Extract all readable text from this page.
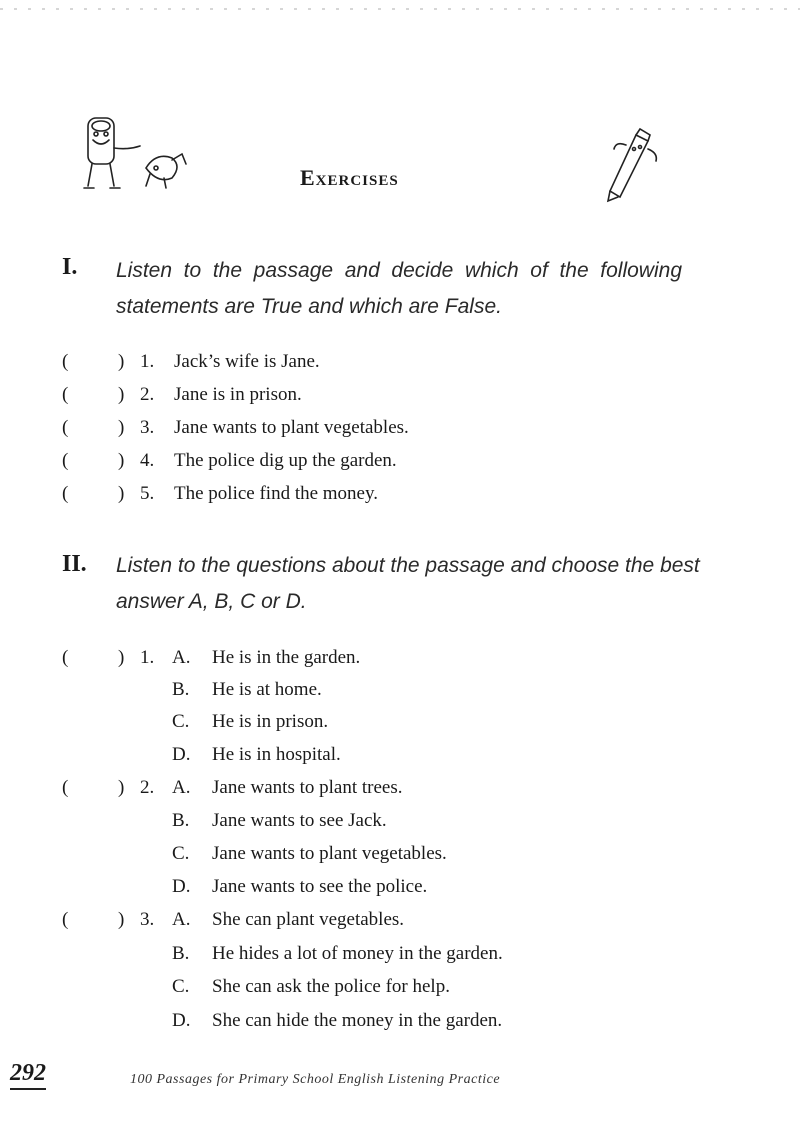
Exercises
I. Listen to the passage and decide which of the following statements are True and which are False.
(	) 1. Jack’s wife is Jane.
(	) 2. Jane is in prison.
(	) 3. Jane wants to plant vegetables.
(	) 4. The police dig up the garden.
(	) 5. The police find the money.
II. Listen to the questions about the passage and choose the best answer A, B, C or D.
(	) 1. A.	He is in the garden.
B.	He is at home.
C.	He is in prison.
D.	He is in hospital.
(	) 2. A.	Jane wants to plant trees.
B.	Jane wants to see Jack.
C.	Jane wants to plant vegetables.
D.	Jane wants to see the police.
(	) 3. A.	She can plant vegetables.
B.	He hides a lot of money in the garden.
C.	She can ask the police for help.
D.	She can hide the money in the garden.
292	100 Passages for Primary School English Listening Practice
